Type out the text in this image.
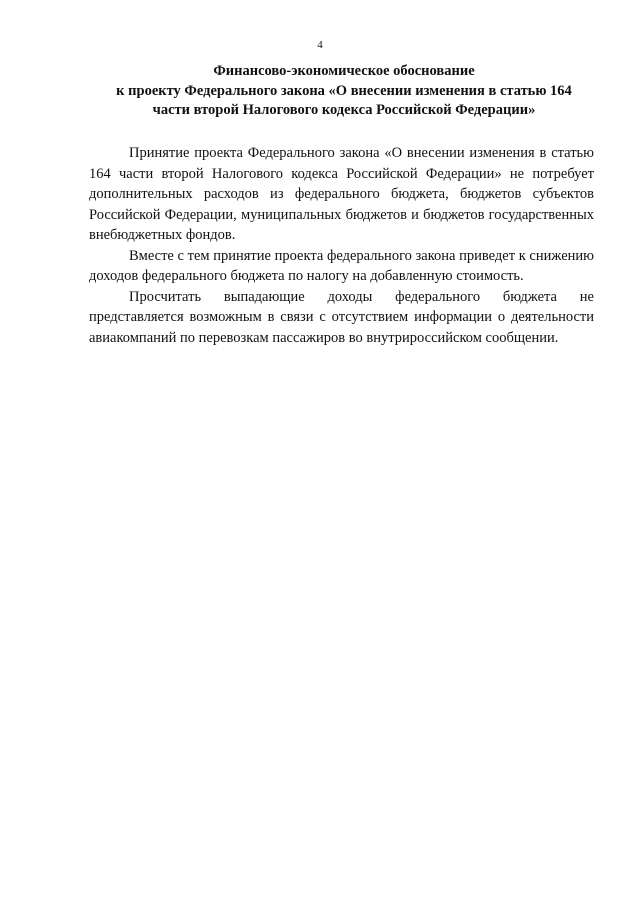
4
Финансово-экономическое обоснование
к проекту Федерального закона «О внесении изменения в статью 164
части второй Налогового кодекса Российской Федерации»

Принятие проекта Федерального закона «О внесении изменения в статью 164 части второй Налогового кодекса Российской Федерации» не потребует дополнительных расходов из федерального бюджета, бюджетов субъектов Российской Федерации, муниципальных бюджетов и бюджетов государственных внебюджетных фондов.

Вместе с тем принятие проекта федерального закона приведет к снижению доходов федерального бюджета по налогу на добавленную стоимость.

Просчитать выпадающие доходы федерального бюджета не представляется возможным в связи с отсутствием информации о деятельности авиакомпаний по перевозкам пассажиров во внутрироссийском сообщении.
